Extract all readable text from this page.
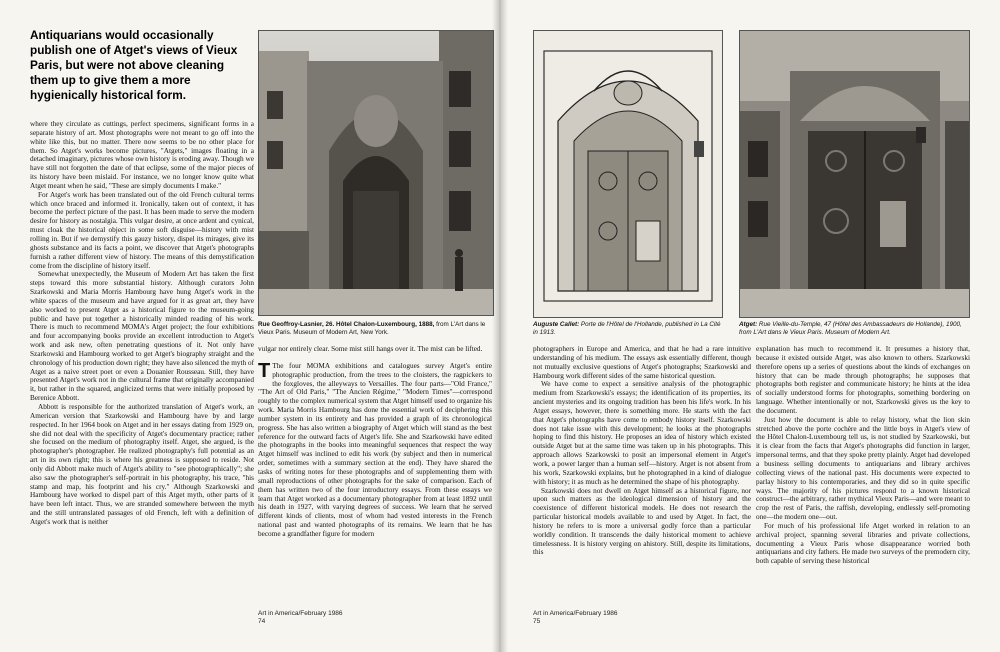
Antiquarians would occasionally publish one of Atget's views of Vieux Paris, but were not above cleaning them up to give them a more hygienically historical form.

where they circulate as cuttings, perfect specimens, significant forms in a separate history of art. Most photographs were not meant to go off into the white like this, but no matter. There now seems to be no other place for them. So Atget's works become pictures, "Atgets," images floating in a detached imaginary, pictures whose own history is eroding away. Though we have still not forgotten the date of that eclipse, some of the major pieces of its history have been mislaid. For instance, we no longer know quite what Atget meant when he said, "These are simply documents I make."

For Atget's work has been translated out of the old French cultural terms which once braced and informed it. Ironically, taken out of context, it has become the perfect picture of the past. It has been made to serve the modern desire for history as nostalgia. This vulgar desire, at once ardent and cynical, must cloak the historical object in some soft disguise—history with mist rolling in. But if we demystify this gauzy history, dispel its mirages, give its ghosts substance and its facts a point, we discover that Atget's photographs furnish a rather different view of history. The means of this demystification come from the discipline of history itself.

Somewhat unexpectedly, the Museum of Modern Art has taken the first steps toward this more substantial history. Although curators John Szarkowski and Maria Morris Hambourg have hung Atget's work in the white spaces of the museum and have argued for it as great art, they have also worked to present Atget as a historical figure to the museum-going public and have put together a historically minded reading of his work. There is much to recommend MOMA's Atget project; the four exhibitions and four accompanying books provide an excellent introduction to Atget's work and ask new, often penetrating questions of it. Not only have Szarkowski and Hambourg worked to get Atget's biography straight and the chronology of his production down right; they have also silenced the myth of Atget as a naive street poet or even a Douanier Rousseau. Still, they have presented Atget's work not in the cultural frame that originally accompanied it, but rather in the squared, anglicized terms that were initially proposed by Berenice Abbott.

Abbott is responsible for the authorized translation of Atget's work, an American version that Szarkowski and Hambourg have by and large respected. In her 1964 book on Atget and in her essays dating from 1929 on, she did not deal with the specificity of Atget's documentary practice; rather she focused on the medium of photography itself. Atget, she argued, is the photographer's photographer. He realized photography's full potential as an art in its own right; this is where his greatness is supposed to reside. Not only did Abbott make much of Atget's ability to "see photographically"; she also saw the photographer's self-portrait in his photography, his trace, "his stamp and map, his footprint and his cry." Although Szarkowski and Hambourg have worked to dispel part of this Atget myth, other parts of it have been left intact. Thus, we are stranded somewhere between the myth and the still untranslated passages of old French, left with a definition of Atget's work that is neither

Rue Geoffroy-Lasnier, 26. Hôtel Chalon-Luxembourg, 1888, from L'Art dans le Vieux Paris. Museum of Modern Art, New York.

vulgar nor entirely clear. Some mist still hangs over it. The mist can be lifted.

T The four MOMA exhibitions and catalogues survey Atget's entire photographic production, from the trees to the cloisters, the ragpickers to the foxgloves, the alleyways to Versailles. The four parts—"Old France," "The Art of Old Paris," "The Ancien Régime," "Modern Times"—correspond roughly to the complex numerical system that Atget himself used to organize his work. Maria Morris Hambourg has done the essential work of deciphering this number system in its entirety and has provided a graph of its chronological progress. She has also written a biography of Atget which will stand as the best reference for the outward facts of Atget's life. She and Szarkowski have edited the photographs in the books into meaningful sequences that respect the way Atget himself was inclined to edit his work (by subject and then in numerical order, sometimes with a summary section at the end). They have shared the tasks of writing notes for these photographs and of supplementing them with small reproductions of other photographs for the sake of comparison. Each of them has written two of the four introductory essays. From these essays we learn that Atget worked as a documentary photographer from at least 1892 until his death in 1927, with varying degrees of success. We learn that he served different kinds of clients, most of whom had vested interests in the French national past and wanted photographs of its remains. We learn that he has become a grandfather figure for modern

Art in America/February 1986
74
Auguste Callet: Porte de l'Hôtel de l'Hollande, published in La Cité in 1913.
Atget: Rue Vieille-du-Temple, 47 (Hôtel des Ambassadeurs de Hollande), 1900, from L'Art dans le Vieux Paris. Museum of Modern Art.

photographers in Europe and America, and that he had a rare intuitive understanding of his medium. The essays ask essentially different, though not mutually exclusive questions of Atget's photographs; Szarkowski and Hambourg work different sides of the same historical question.

We have come to expect a sensitive analysis of the photographic medium from Szarkowski's essays; the identification of its properties, its ancient mysteries and its ongoing tradition has been his life's work. In his Atget essays, however, there is something more. He starts with the fact that Atget's photographs have come to embody history itself. Szarkowski does not take issue with this development; he looks at the photographs hoping to find this history. He proposes an idea of history which existed outside Atget but at the same time was taken up in his photographs. This approach allows Szarkowski to posit an impersonal element in Atget's work, a power larger than a human self—history. Atget is not absent from his work, Szarkowski explains, but he photographed in a kind of dialogue with history; it as much as he determined the shape of his photography.

Szarkowski does not dwell on Atget himself as a historical figure, nor upon such matters as the ideological dimension of history and the coexistence of different historical models. He does not research the particular historical models available to and used by Atget. In fact, the history he refers to is more a universal godly force than a particular worldly condition. It transcends the daily historical moment to achieve timelessness. It is history verging on ahistory. Still, despite its limitations, this

explanation has much to recommend it. It presumes a history that, because it existed outside Atget, was also known to others. Szarkowski therefore opens up a series of questions about the kinds of exchanges on history that can be made through photographs; he supposes that photographs both register and communicate history; he hints at the idea of socially understood forms for photographs, something bordering on language. Whether intentionally or not, Szarkowski gives us the key to the document.

Just how the document is able to relay history, what the lion skin stretched above the porte cochère and the little boys in Atget's view of the Hôtel Chalon-Luxembourg tell us, is not studied by Szarkowski, but it is clear from the facts that Atget's photographs did function in larger, impersonal terms, and that they spoke pretty plainly. Atget had developed a business selling documents to antiquarians and library archives collecting views of the national past. His documents were expected to parlay history to his contemporaries, and they did so in quite specific ways. The majority of his pictures respond to a known historical construct—the arbitrary, rather mythical Vieux Paris—and were meant to crop the rest of Paris, the raffish, developing, endlessly self-promoting one—the modern one—out.

For much of his professional life Atget worked in relation to an archival project, spanning several libraries and private collections, documenting a Vieux Paris whose disappearance worried both antiquarians and city fathers. He made two surveys of the premodern city, both capable of serving these historical

Art in America/February 1986
75
